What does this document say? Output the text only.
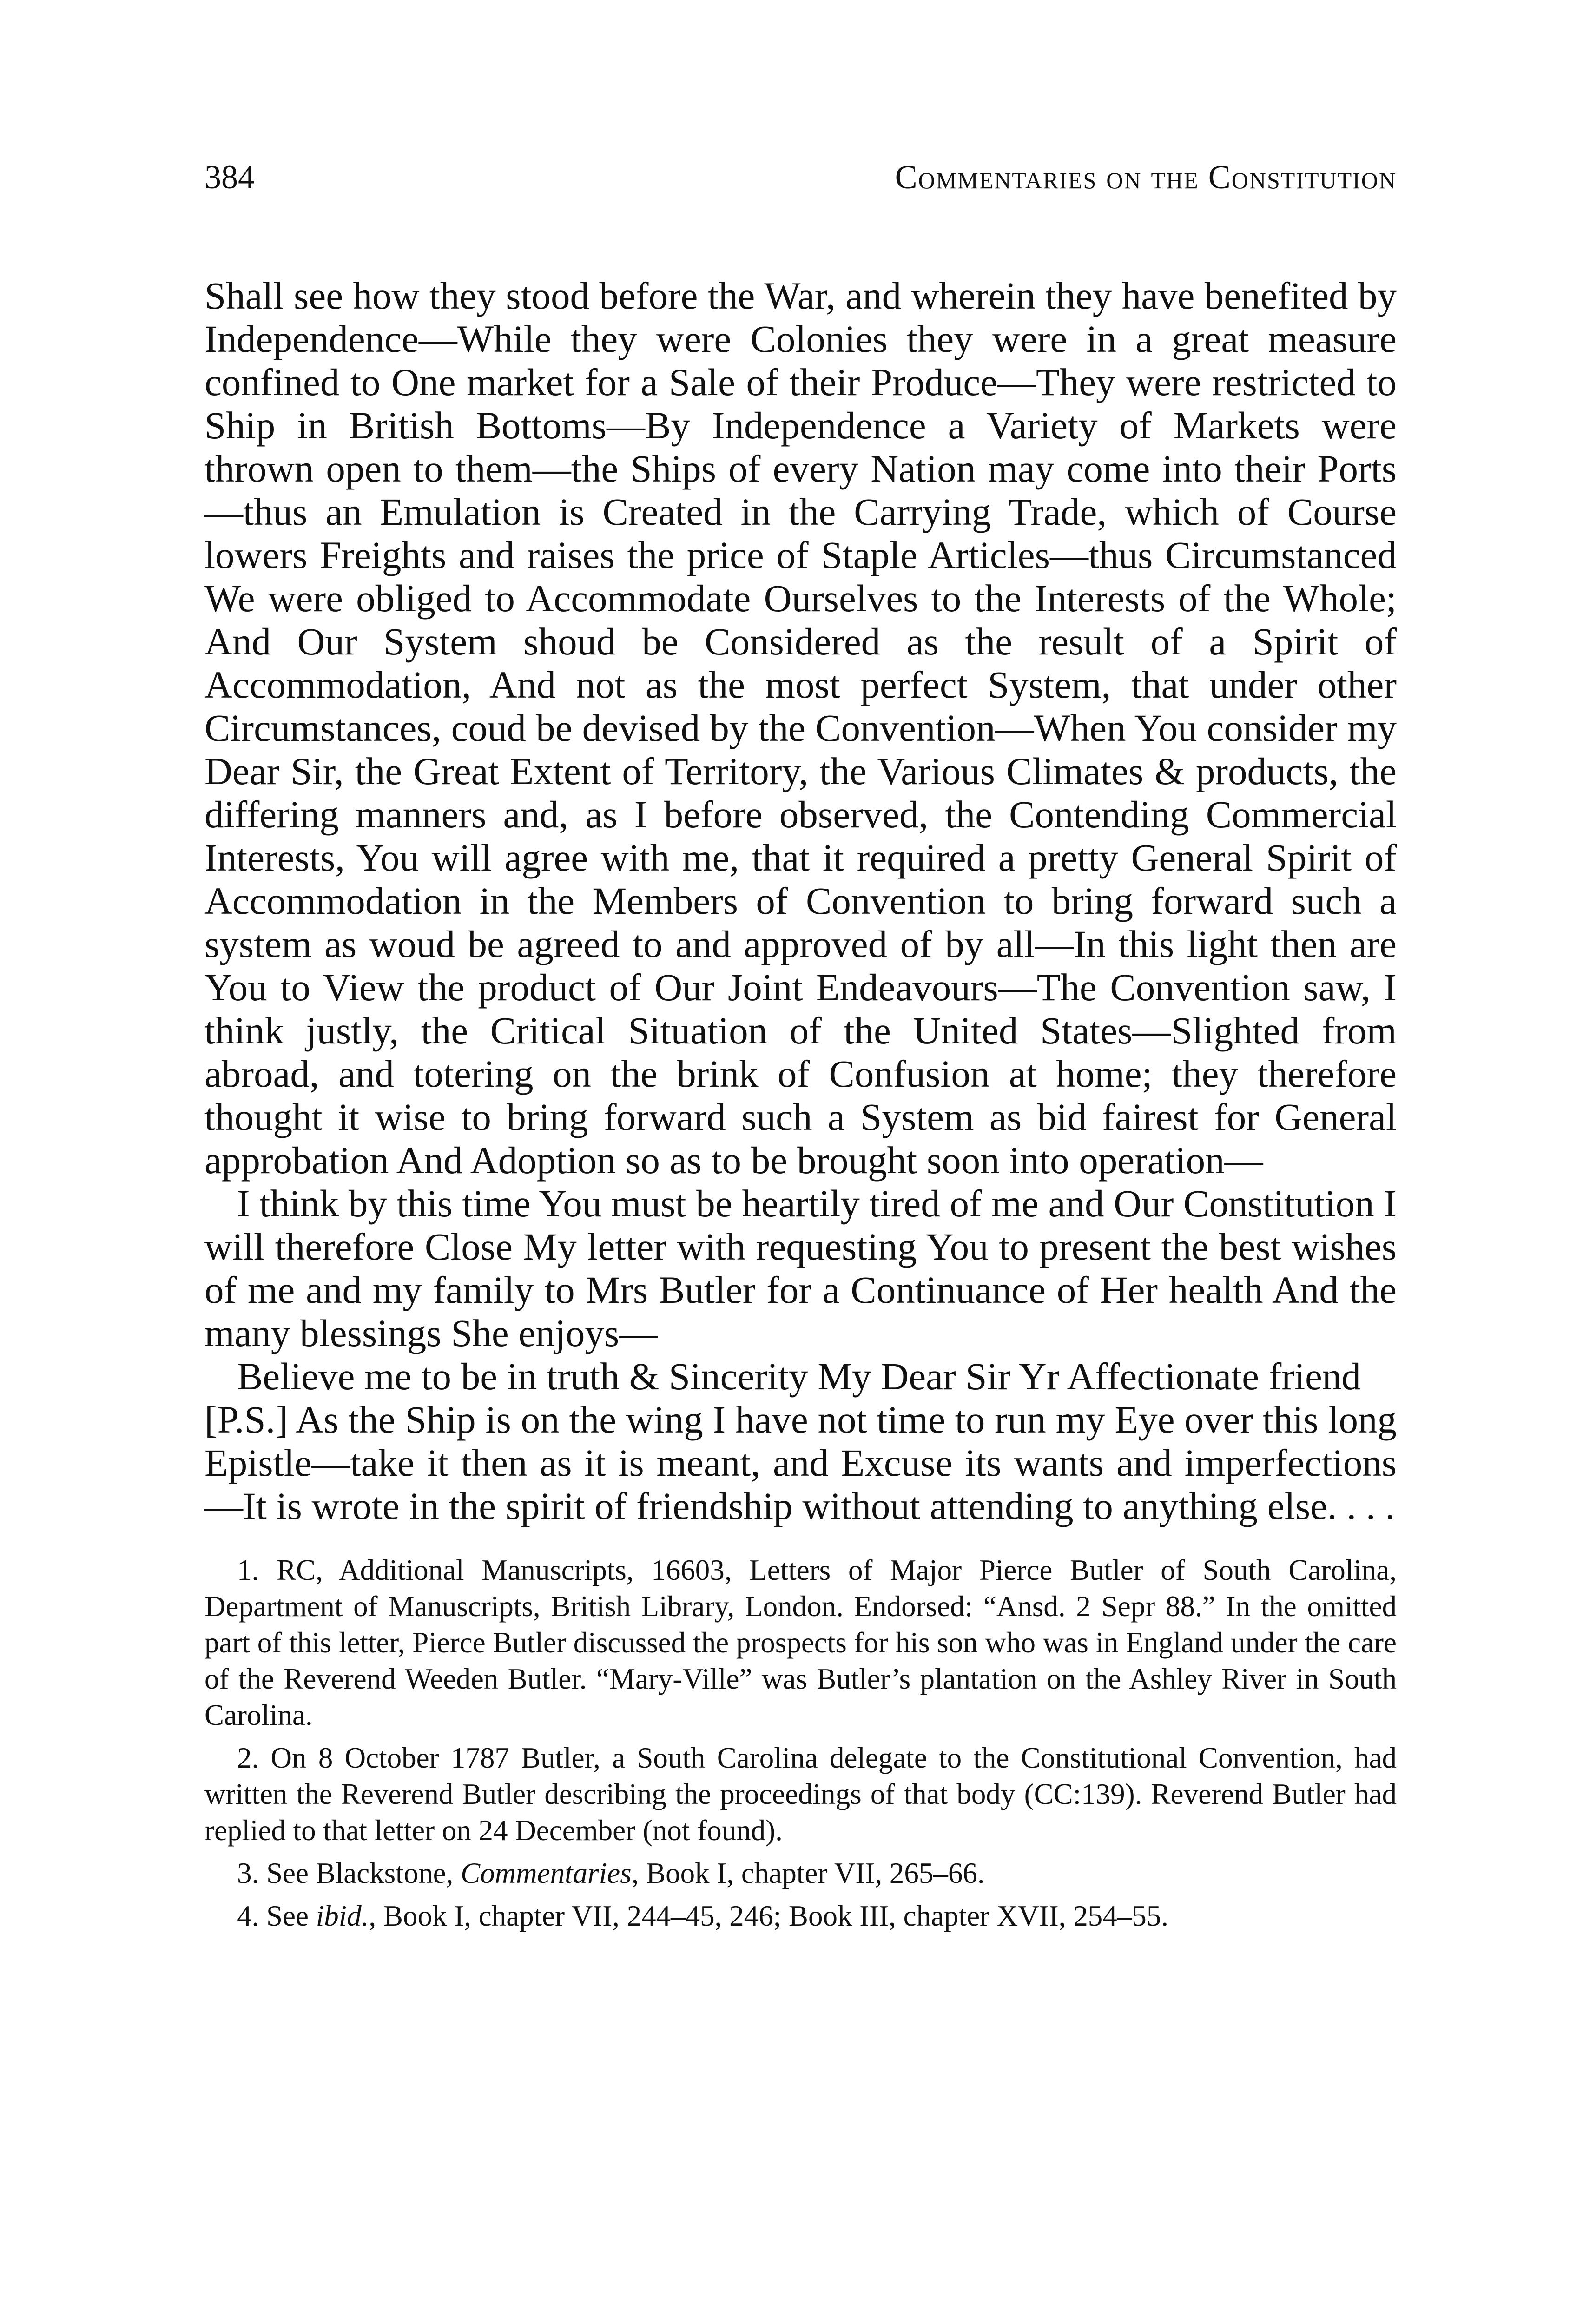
384	Commentaries on the Constitution

Shall see how they stood before the War, and wherein they have benefited by Independence—While they were Colonies they were in a great measure confined to One market for a Sale of their Produce—They were restricted to Ship in British Bottoms—By Independence a Variety of Markets were thrown open to them—the Ships of every Nation may come into their Ports—thus an Emulation is Created in the Carrying Trade, which of Course lowers Freights and raises the price of Staple Articles—thus Circumstanced We were obliged to Accommodate Ourselves to the Interests of the Whole; And Our System shoud be Considered as the result of a Spirit of Accommodation, And not as the most perfect System, that under other Circumstances, coud be devised by the Convention—When You consider my Dear Sir, the Great Extent of Territory, the Various Climates & products, the differing manners and, as I before observed, the Contending Commercial Interests, You will agree with me, that it required a pretty General Spirit of Accommodation in the Members of Convention to bring forward such a system as woud be agreed to and approved of by all—In this light then are You to View the product of Our Joint Endeavours—The Convention saw, I think justly, the Critical Situation of the United States—Slighted from abroad, and totering on the brink of Confusion at home; they therefore thought it wise to bring forward such a System as bid fairest for General approbation And Adoption so as to be brought soon into operation—

I think by this time You must be heartily tired of me and Our Constitution I will therefore Close My letter with requesting You to present the best wishes of me and my family to Mrs Butler for a Continuance of Her health And the many blessings She enjoys—

Believe me to be in truth & Sincerity My Dear Sir Yr Affectionate friend

[P.S.] As the Ship is on the wing I have not time to run my Eye over this long Epistle—take it then as it is meant, and Excuse its wants and imperfections—It is wrote in the spirit of friendship without attending to anything else. . . .

1. RC, Additional Manuscripts, 16603, Letters of Major Pierce Butler of South Carolina, Department of Manuscripts, British Library, London. Endorsed: “Ansd. 2 Sepr 88.” In the omitted part of this letter, Pierce Butler discussed the prospects for his son who was in England under the care of the Reverend Weeden Butler. “Mary-Ville” was Butler’s plantation on the Ashley River in South Carolina.

2. On 8 October 1787 Butler, a South Carolina delegate to the Constitutional Convention, had written the Reverend Butler describing the proceedings of that body (CC:139). Reverend Butler had replied to that letter on 24 December (not found).

3. See Blackstone, Commentaries, Book I, chapter VII, 265–66.

4. See ibid., Book I, chapter VII, 244–45, 246; Book III, chapter XVII, 254–55.
